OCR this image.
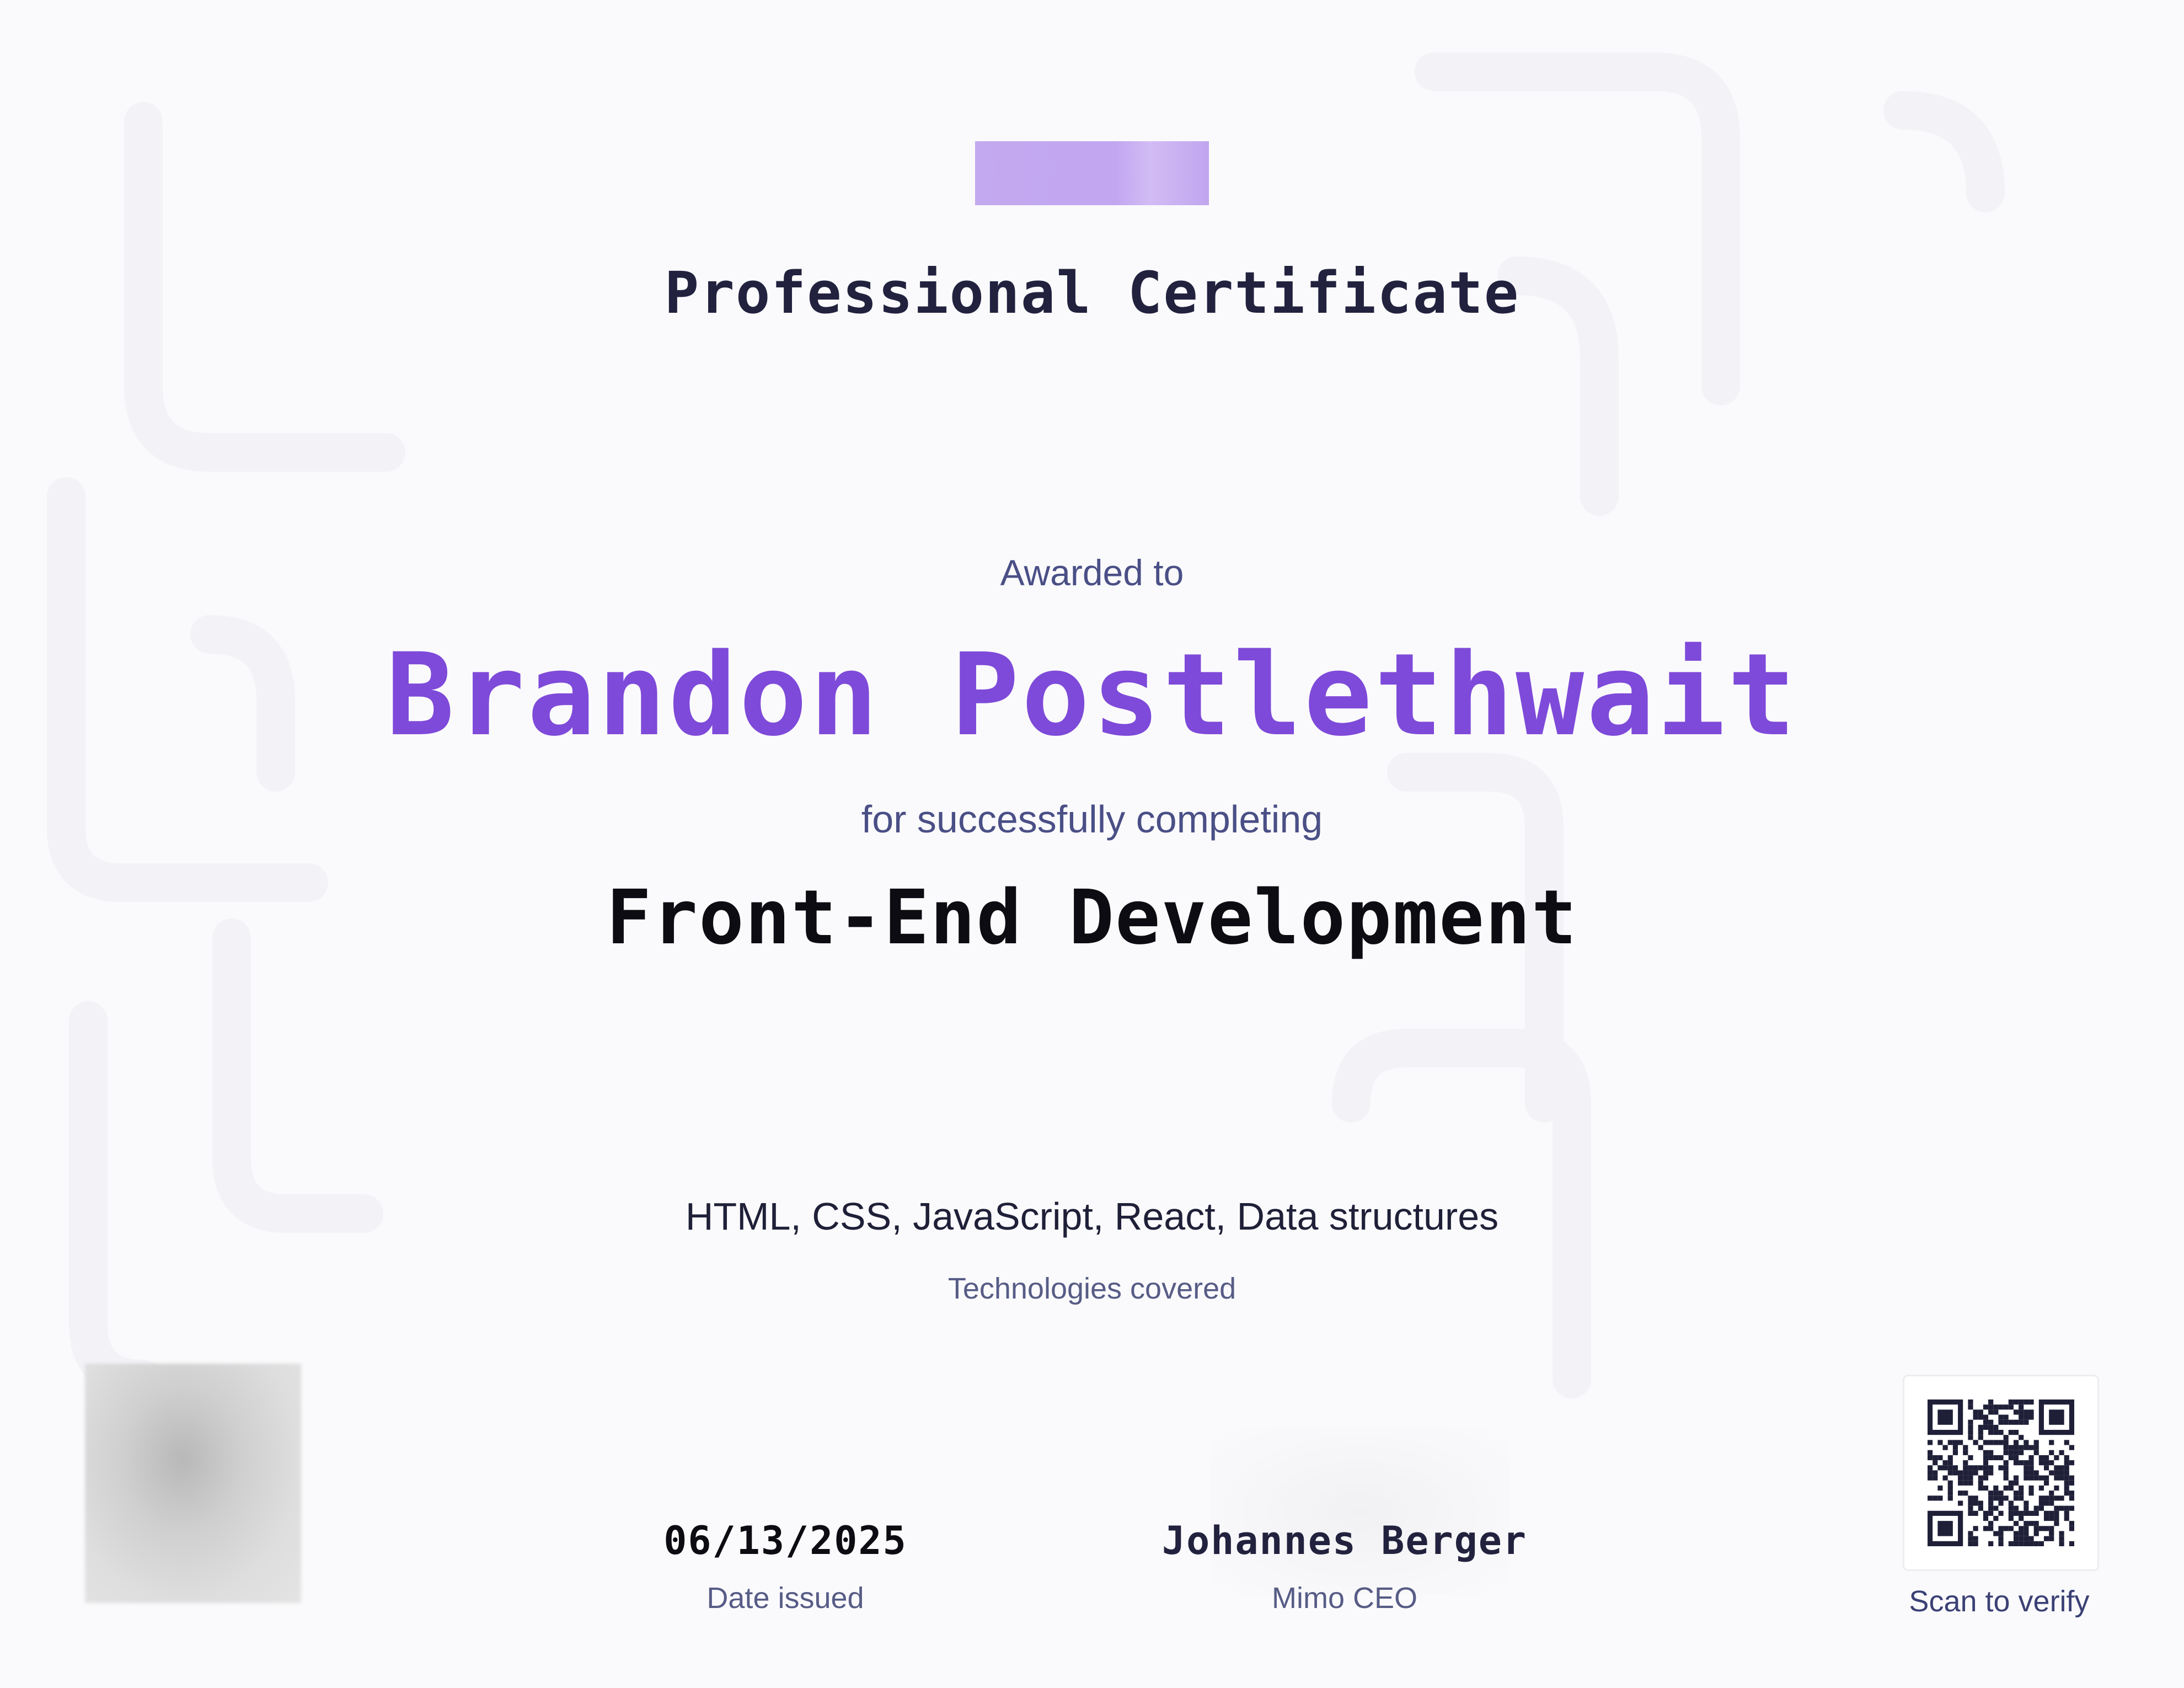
Professional Certificate
Awarded to
Brandon Postlethwait
for successfully completing
Front-End Development
HTML, CSS, JavaScript, React, Data structures
Technologies covered
06/13/2025
Date issued
Johannes Berger
Mimo CEO	Scan to verify
